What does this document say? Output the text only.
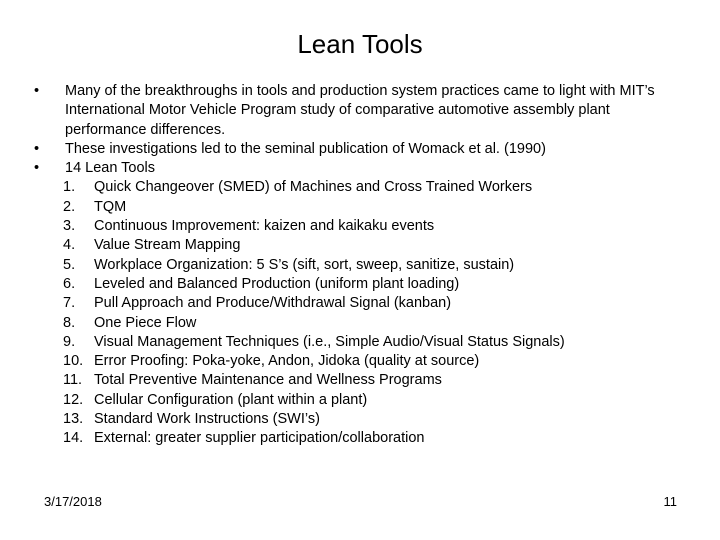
Lean Tools
•	Many of the breakthroughs in tools and production system practices came to light with MIT’s International Motor Vehicle Program study of comparative automotive assembly plant performance differences.
•	These investigations led to the seminal publication of Womack et al. (1990)
•	14 Lean Tools
1. Quick Changeover (SMED) of Machines and Cross Trained Workers
2. TQM
3. Continuous Improvement: kaizen and kaikaku events
4. Value Stream Mapping
5. Workplace Organization: 5 S’s (sift, sort, sweep, sanitize, sustain)
6. Leveled and Balanced Production (uniform plant loading)
7. Pull Approach and Produce/Withdrawal Signal (kanban)
8. One Piece Flow
9. Visual Management Techniques (i.e., Simple Audio/Visual Status Signals)
10. Error Proofing: Poka-yoke, Andon, Jidoka (quality at source)
11. Total Preventive Maintenance and Wellness Programs
12. Cellular Configuration (plant within a plant)
13. Standard Work Instructions (SWI’s)
14. External: greater supplier participation/collaboration
3/17/2018	11
